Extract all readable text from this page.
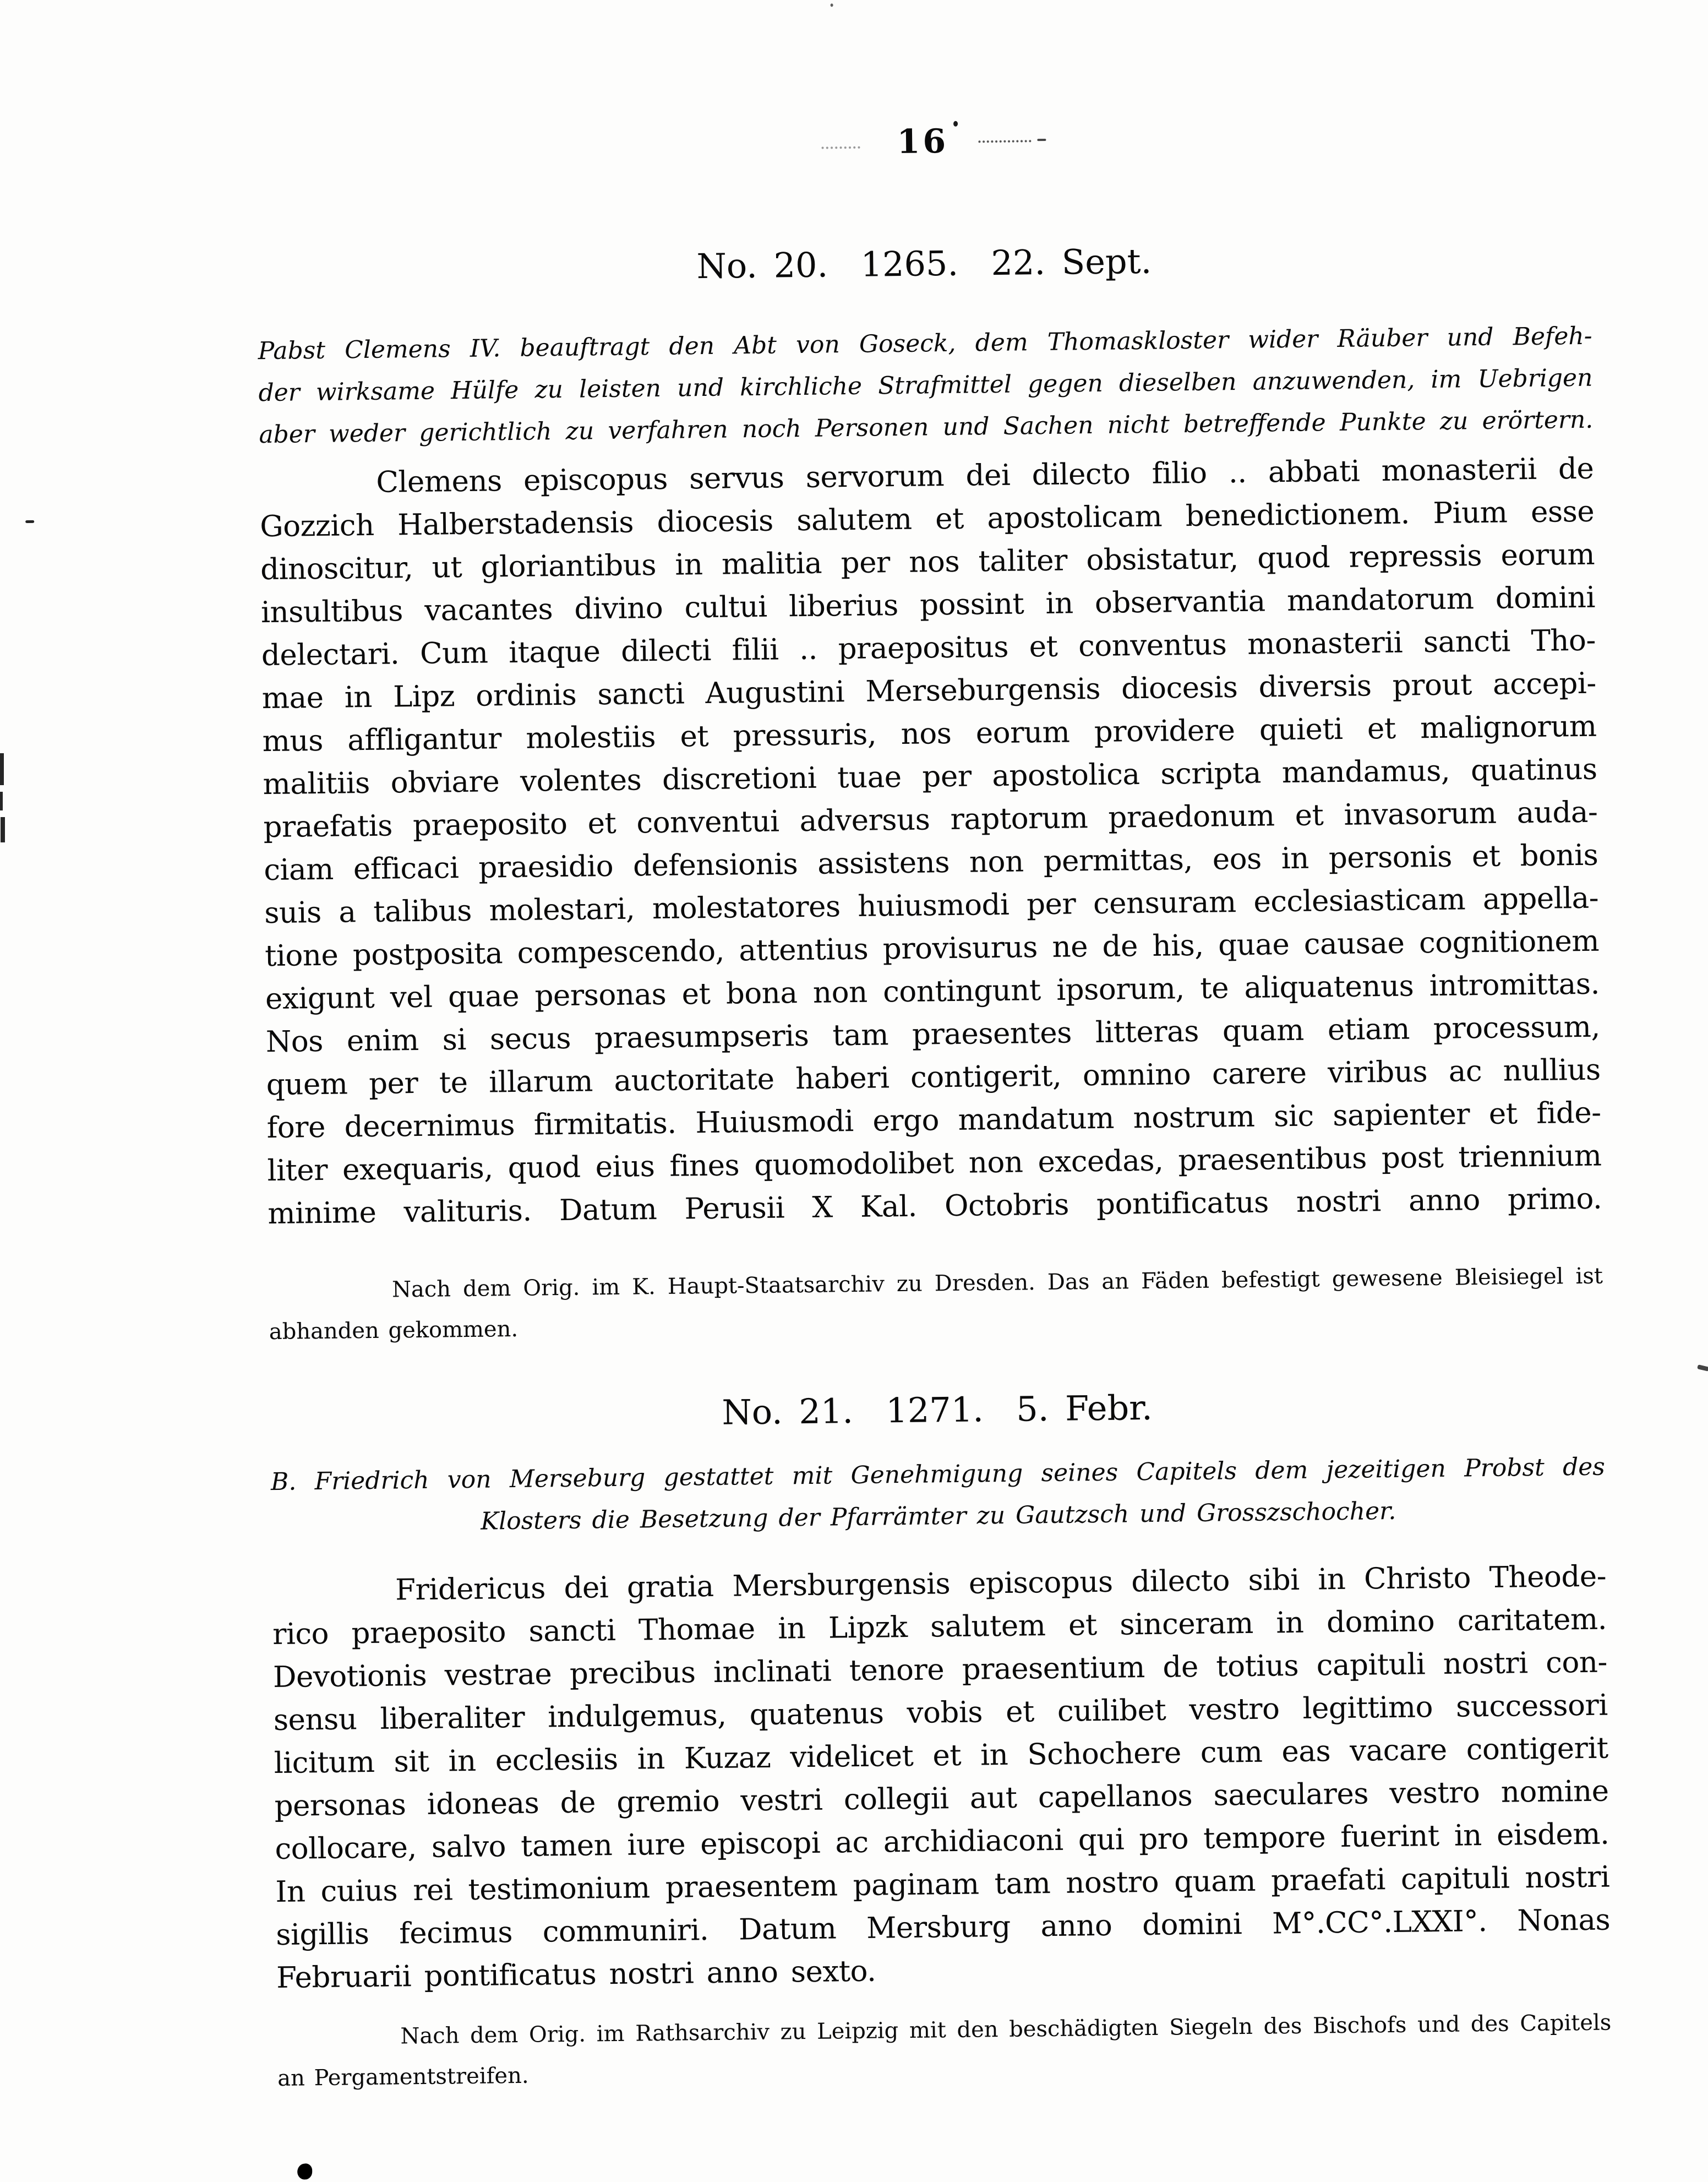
16
No. 20.  1265.  22. Sept.
Pabst Clemens IV. beauftragt den Abt von Goseck, dem Thomaskloster wider Räuber und Befeh-
der wirksame Hülfe zu leisten und kirchliche Strafmittel gegen dieselben anzuwenden, im Uebrigen
aber weder gerichtlich zu verfahren noch Personen und Sachen nicht betreffende Punkte zu erörtern.
Clemens episcopus servus servorum dei dilecto filio .. abbati monasterii de
Gozzich Halberstadensis diocesis salutem et apostolicam benedictionem. Pium esse
dinoscitur, ut gloriantibus in malitia per nos taliter obsistatur, quod repressis eorum
insultibus vacantes divino cultui liberius possint in observantia mandatorum domini
delectari. Cum itaque dilecti filii .. praepositus et conventus monasterii sancti Tho-
mae in Lipz ordinis sancti Augustini Merseburgensis diocesis diversis prout accepi-
mus affligantur molestiis et pressuris, nos eorum providere quieti et malignorum
malitiis obviare volentes discretioni tuae per apostolica scripta mandamus, quatinus
praefatis praeposito et conventui adversus raptorum praedonum et invasorum auda-
ciam efficaci praesidio defensionis assistens non permittas, eos in personis et bonis
suis a talibus molestari, molestatores huiusmodi per censuram ecclesiasticam appella-
tione postposita compescendo, attentius provisurus ne de his, quae causae cognitionem
exigunt vel quae personas et bona non contingunt ipsorum, te aliquatenus intromittas.
Nos enim si secus praesumpseris tam praesentes litteras quam etiam processum,
quem per te illarum auctoritate haberi contigerit, omnino carere viribus ac nullius
fore decernimus firmitatis. Huiusmodi ergo mandatum nostrum sic sapienter et fide-
liter exequaris, quod eius fines quomodolibet non excedas, praesentibus post triennium
minime valituris. Datum Perusii X Kal. Octobris pontificatus nostri anno primo.
Nach dem Orig. im K. Haupt-Staatsarchiv zu Dresden. Das an Fäden befestigt gewesene Bleisiegel ist
abhanden gekommen.
No. 21.  1271.  5. Febr.
B. Friedrich von Merseburg gestattet mit Genehmigung seines Capitels dem jezeitigen Probst des
Klosters die Besetzung der Pfarrämter zu Gautzsch und Grosszschocher.
Fridericus dei gratia Mersburgensis episcopus dilecto sibi in Christo Theode-
rico praeposito sancti Thomae in Lipzk salutem et sinceram in domino caritatem.
Devotionis vestrae precibus inclinati tenore praesentium de totius capituli nostri con-
sensu liberaliter indulgemus, quatenus vobis et cuilibet vestro legittimo successori
licitum sit in ecclesiis in Kuzaz videlicet et in Schochere cum eas vacare contigerit
personas idoneas de gremio vestri collegii aut capellanos saeculares vestro nomine
collocare, salvo tamen iure episcopi ac archidiaconi qui pro tempore fuerint in eisdem.
In cuius rei testimonium praesentem paginam tam nostro quam praefati capituli nostri
sigillis fecimus communiri. Datum Mersburg anno domini M°.CC°.LXXI°. Nonas
Februarii pontificatus nostri anno sexto.
Nach dem Orig. im Rathsarchiv zu Leipzig mit den beschädigten Siegeln des Bischofs und des Capitels
an Pergamentstreifen.
